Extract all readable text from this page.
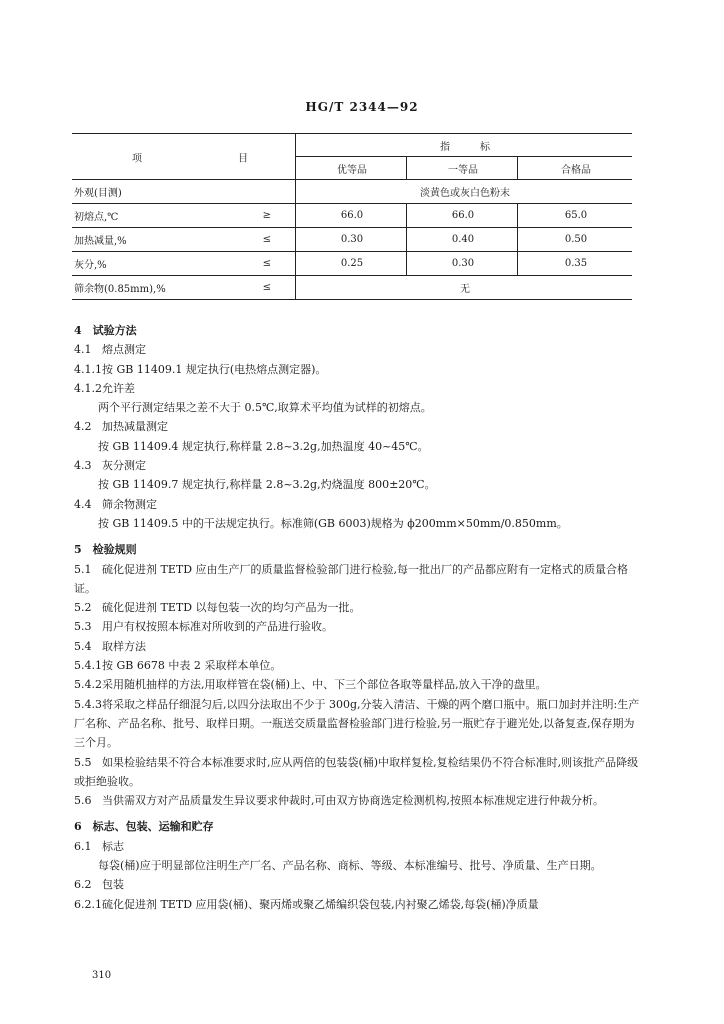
HG/T 2344—92
项 目		指　　　标		
		优等品	一等品	合格品
外观(目测)		淡黄色或灰白色粉末		
初熔点,℃	≥	66.0	66.0	65.0
加热减量,%	≤	0.30	0.40	0.50
灰分,%	≤	0.25	0.30	0.35
筛余物(0.85mm),%	≤	无		

4　试验方法

4.1 熔点测定

4.1.1按 GB 11409.1 规定执行(电热熔点测定器)。

4.1.2允许差

两个平行测定结果之差不大于 0.5℃,取算术平均值为试样的初熔点。

4.2 加热减量测定

按 GB 11409.4 规定执行,称样量 2.8~3.2g,加热温度 40~45℃。

4.3 灰分测定

按 GB 11409.7 规定执行,称样量 2.8~3.2g,灼烧温度 800±20℃。

4.4 筛余物测定

按 GB 11409.5 中的干法规定执行。标准筛(GB 6003)规格为 ϕ200mm×50mm/0.850mm。

5　检验规则

5.1 硫化促进剂 TETD 应由生产厂的质量监督检验部门进行检验,每一批出厂的产品都应附有一定格式的质量合格证。

5.2 硫化促进剂 TETD 以每包装一次的均匀产品为一批。

5.3 用户有权按照本标准对所收到的产品进行验收。

5.4 取样方法

5.4.1按 GB 6678 中表 2 采取样本单位。

5.4.2采用随机抽样的方法,用取样管在袋(桶)上、中、下三个部位各取等量样品,放入干净的盘里。

5.4.3将采取之样品仔细混匀后,以四分法取出不少于 300g,分装入清洁、干燥的两个磨口瓶中。瓶口加封并注明:生产厂名称、产品名称、批号、取样日期。一瓶送交质量监督检验部门进行检验,另一瓶贮存于避光处,以备复查,保存期为三个月。

5.5 如果检验结果不符合本标准要求时,应从两倍的包装袋(桶)中取样复检,复检结果仍不符合标准时,则该批产品降级或拒绝验收。

5.6 当供需双方对产品质量发生异议要求仲裁时,可由双方协商选定检测机构,按照本标准规定进行仲裁分析。

6　标志、包装、运输和贮存

6.1 标志

每袋(桶)应于明显部位注明生产厂名、产品名称、商标、等级、本标准编号、批号、净质量、生产日期。

6.2 包装

6.2.1硫化促进剂 TETD 应用袋(桶)、聚丙烯或聚乙烯编织袋包装,内衬聚乙烯袋,每袋(桶)净质量

310
